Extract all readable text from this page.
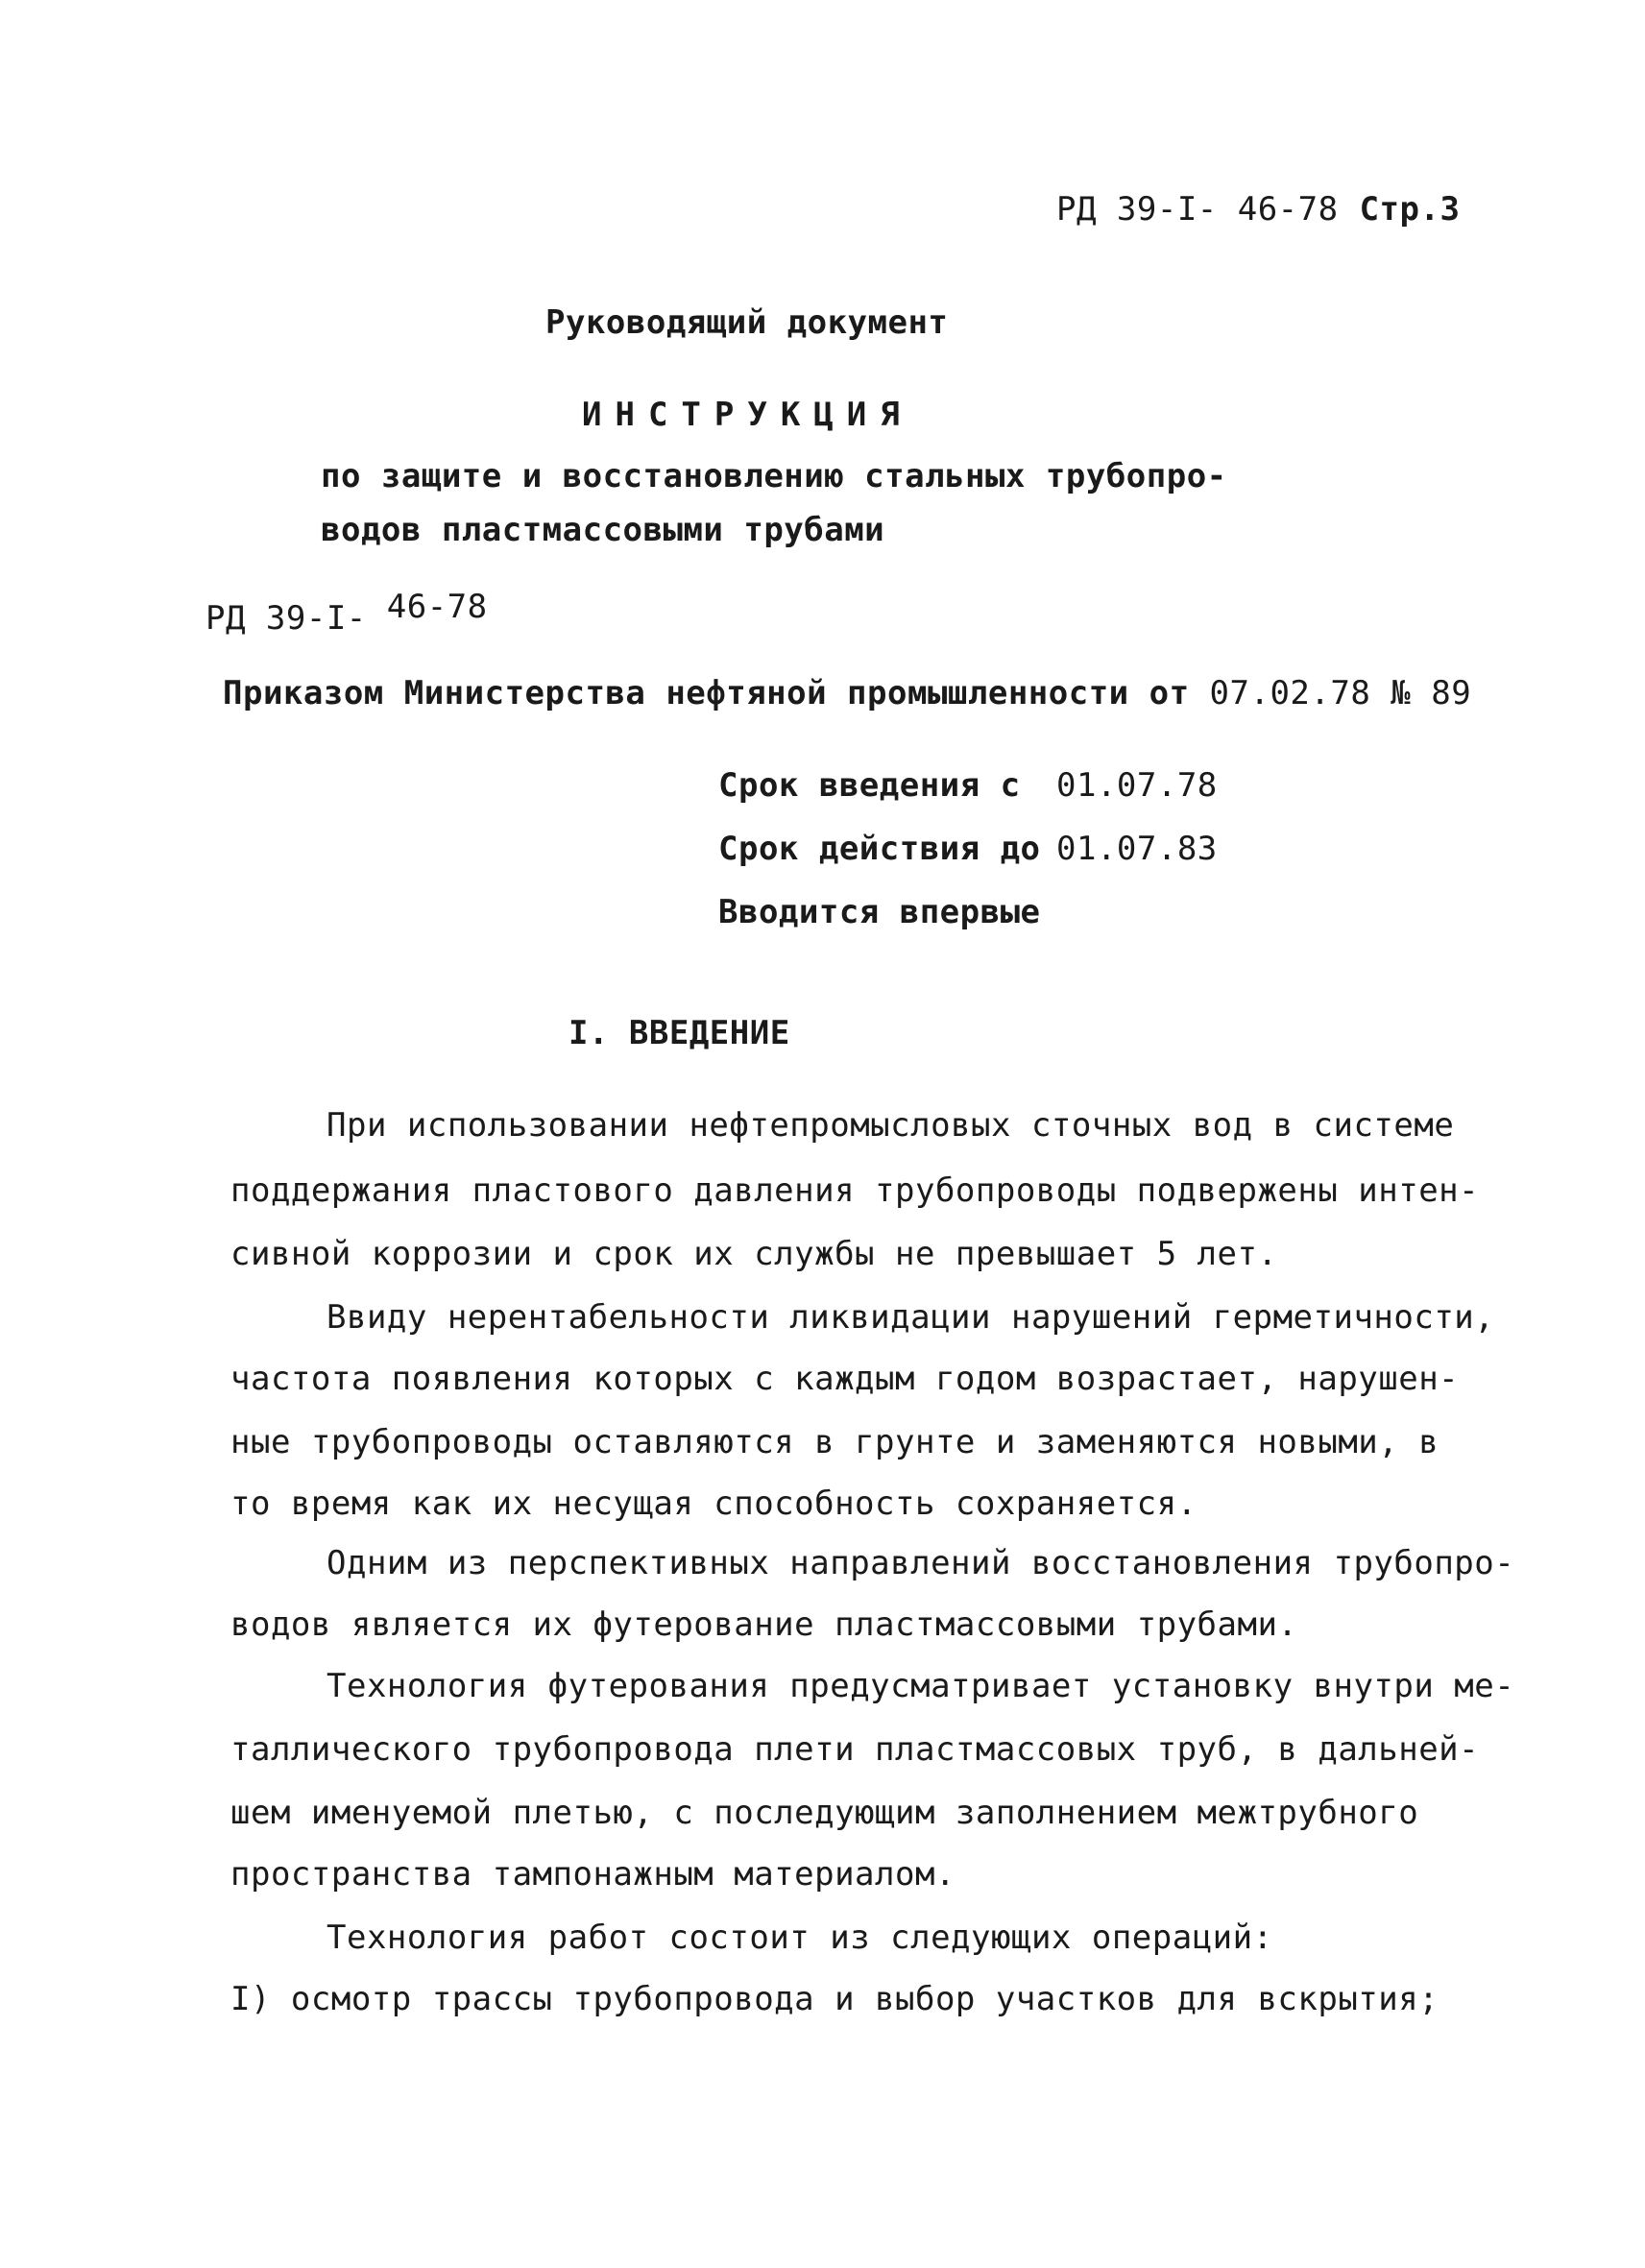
РД 39-I- 46-78 Стр.3
Руководящий документ
ИНСТРУКЦИЯ
по защите и восстановлению стальных трубопро-
водов пластмассовыми трубами
РД 39-I- 46-78
Приказом Министерства нефтяной промышленности от 07.02.78 № 89
Срок введения с 01.07.78
Срок действия до 01.07.83
Вводится впервые
I. ВВЕДЕНИЕ
При использовании нефтепромысловых сточных вод в системе
поддержания пластового давления трубопроводы подвержены интен-
сивной коррозии и срок их службы не превышает 5 лет.
Ввиду нерентабельности ликвидации нарушений герметичности,
частота появления которых с каждым годом возрастает, нарушен-
ные трубопроводы оставляются в грунте и заменяются новыми, в
то время как их несущая способность сохраняется.
Одним из перспективных направлений восстановления трубопро-
водов является их футерование пластмассовыми трубами.
Технология футерования предусматривает установку внутри ме-
таллического трубопровода плети пластмассовых труб, в дальней-
шем именуемой плетью, с последующим заполнением межтрубного
пространства тампонажным материалом.
Технология работ состоит из следующих операций:
I) осмотр трассы трубопровода и выбор участков для вскрытия;
